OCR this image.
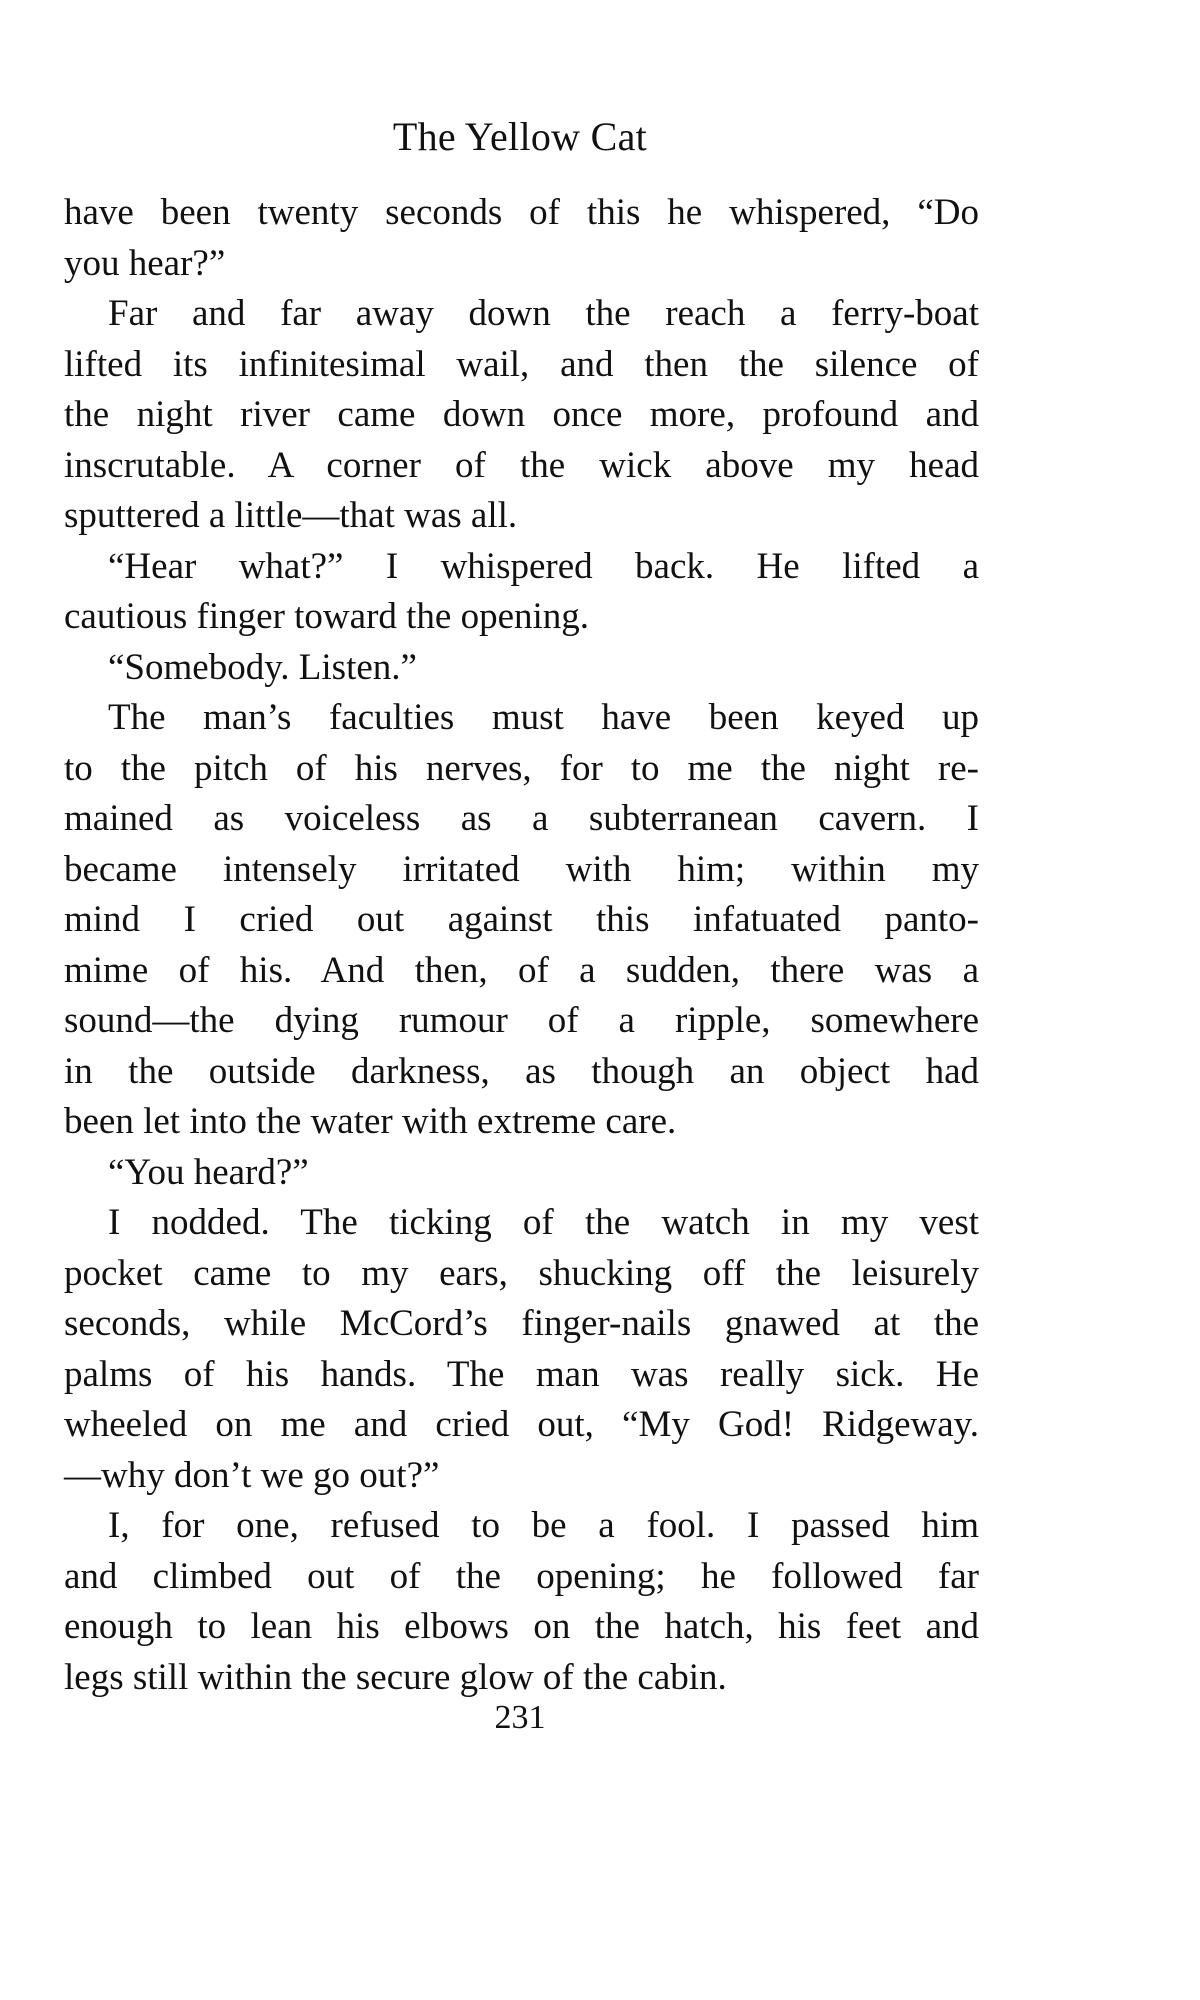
The Yellow Cat

have been twenty seconds of this he whispered, “Do
you hear?”

Far and far away down the reach a ferry-boat
lifted its infinitesimal wail, and then the silence of
the night river came down once more, profound and
inscrutable. A corner of the wick above my head
sputtered a little—that was all.

“Hear what?” I whispered back. He lifted a
cautious finger toward the opening.

“Somebody. Listen.”

The man’s faculties must have been keyed up
to the pitch of his nerves, for to me the night re-
mained as voiceless as a subterranean cavern. I
became intensely irritated with him; within my
mind I cried out against this infatuated panto-
mime of his. And then, of a sudden, there was a
sound—the dying rumour of a ripple, somewhere
in the outside darkness, as though an object had
been let into the water with extreme care.

“You heard?”

I nodded. The ticking of the watch in my vest
pocket came to my ears, shucking off the leisurely
seconds, while McCord’s finger-nails gnawed at the
palms of his hands. The man was really sick. He
wheeled on me and cried out, “My God! Ridgeway.
—why don’t we go out?”

I, for one, refused to be a fool. I passed him
and climbed out of the opening; he followed far
enough to lean his elbows on the hatch, his feet and
legs still within the secure glow of the cabin.

231
